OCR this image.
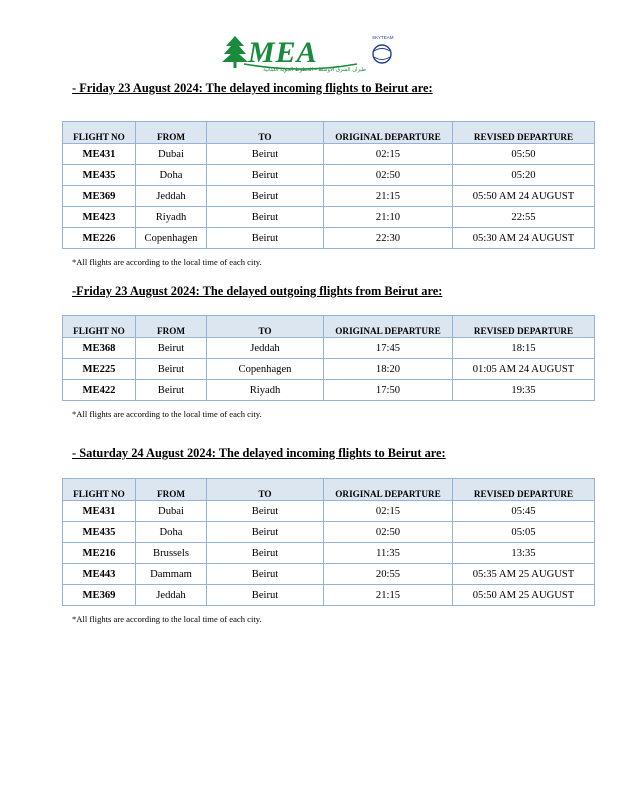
MEA
طيران الشرق الأوسط - الخطوط الجوية اللبنانية
SKYTEAM
- Friday 23 August 2024: The delayed incoming flights to Beirut are:
FLIGHT NO	FROM	TO	ORIGINAL DEPARTURE	REVISED DEPARTURE
ME431	Dubai	Beirut	02:15	05:50
ME435	Doha	Beirut	02:50	05:20
ME369	Jeddah	Beirut	21:15	05:50 AM 24 AUGUST
ME423	Riyadh	Beirut	21:10	22:55
ME226	Copenhagen	Beirut	22:30	05:30 AM 24 AUGUST
*All flights are according to the local time of each city.
-Friday 23 August 2024: The delayed outgoing flights from Beirut are:
FLIGHT NO	FROM	TO	ORIGINAL DEPARTURE	REVISED DEPARTURE
ME368	Beirut	Jeddah	17:45	18:15
ME225	Beirut	Copenhagen	18:20	01:05 AM 24 AUGUST
ME422	Beirut	Riyadh	17:50	19:35
*All flights are according to the local time of each city.
- Saturday 24 August 2024: The delayed incoming flights to Beirut are:
FLIGHT NO	FROM	TO	ORIGINAL DEPARTURE	REVISED DEPARTURE
ME431	Dubai	Beirut	02:15	05:45
ME435	Doha	Beirut	02:50	05:05
ME216	Brussels	Beirut	11:35	13:35
ME443	Dammam	Beirut	20:55	05:35 AM 25 AUGUST
ME369	Jeddah	Beirut	21:15	05:50 AM 25 AUGUST
*All flights are according to the local time of each city.
